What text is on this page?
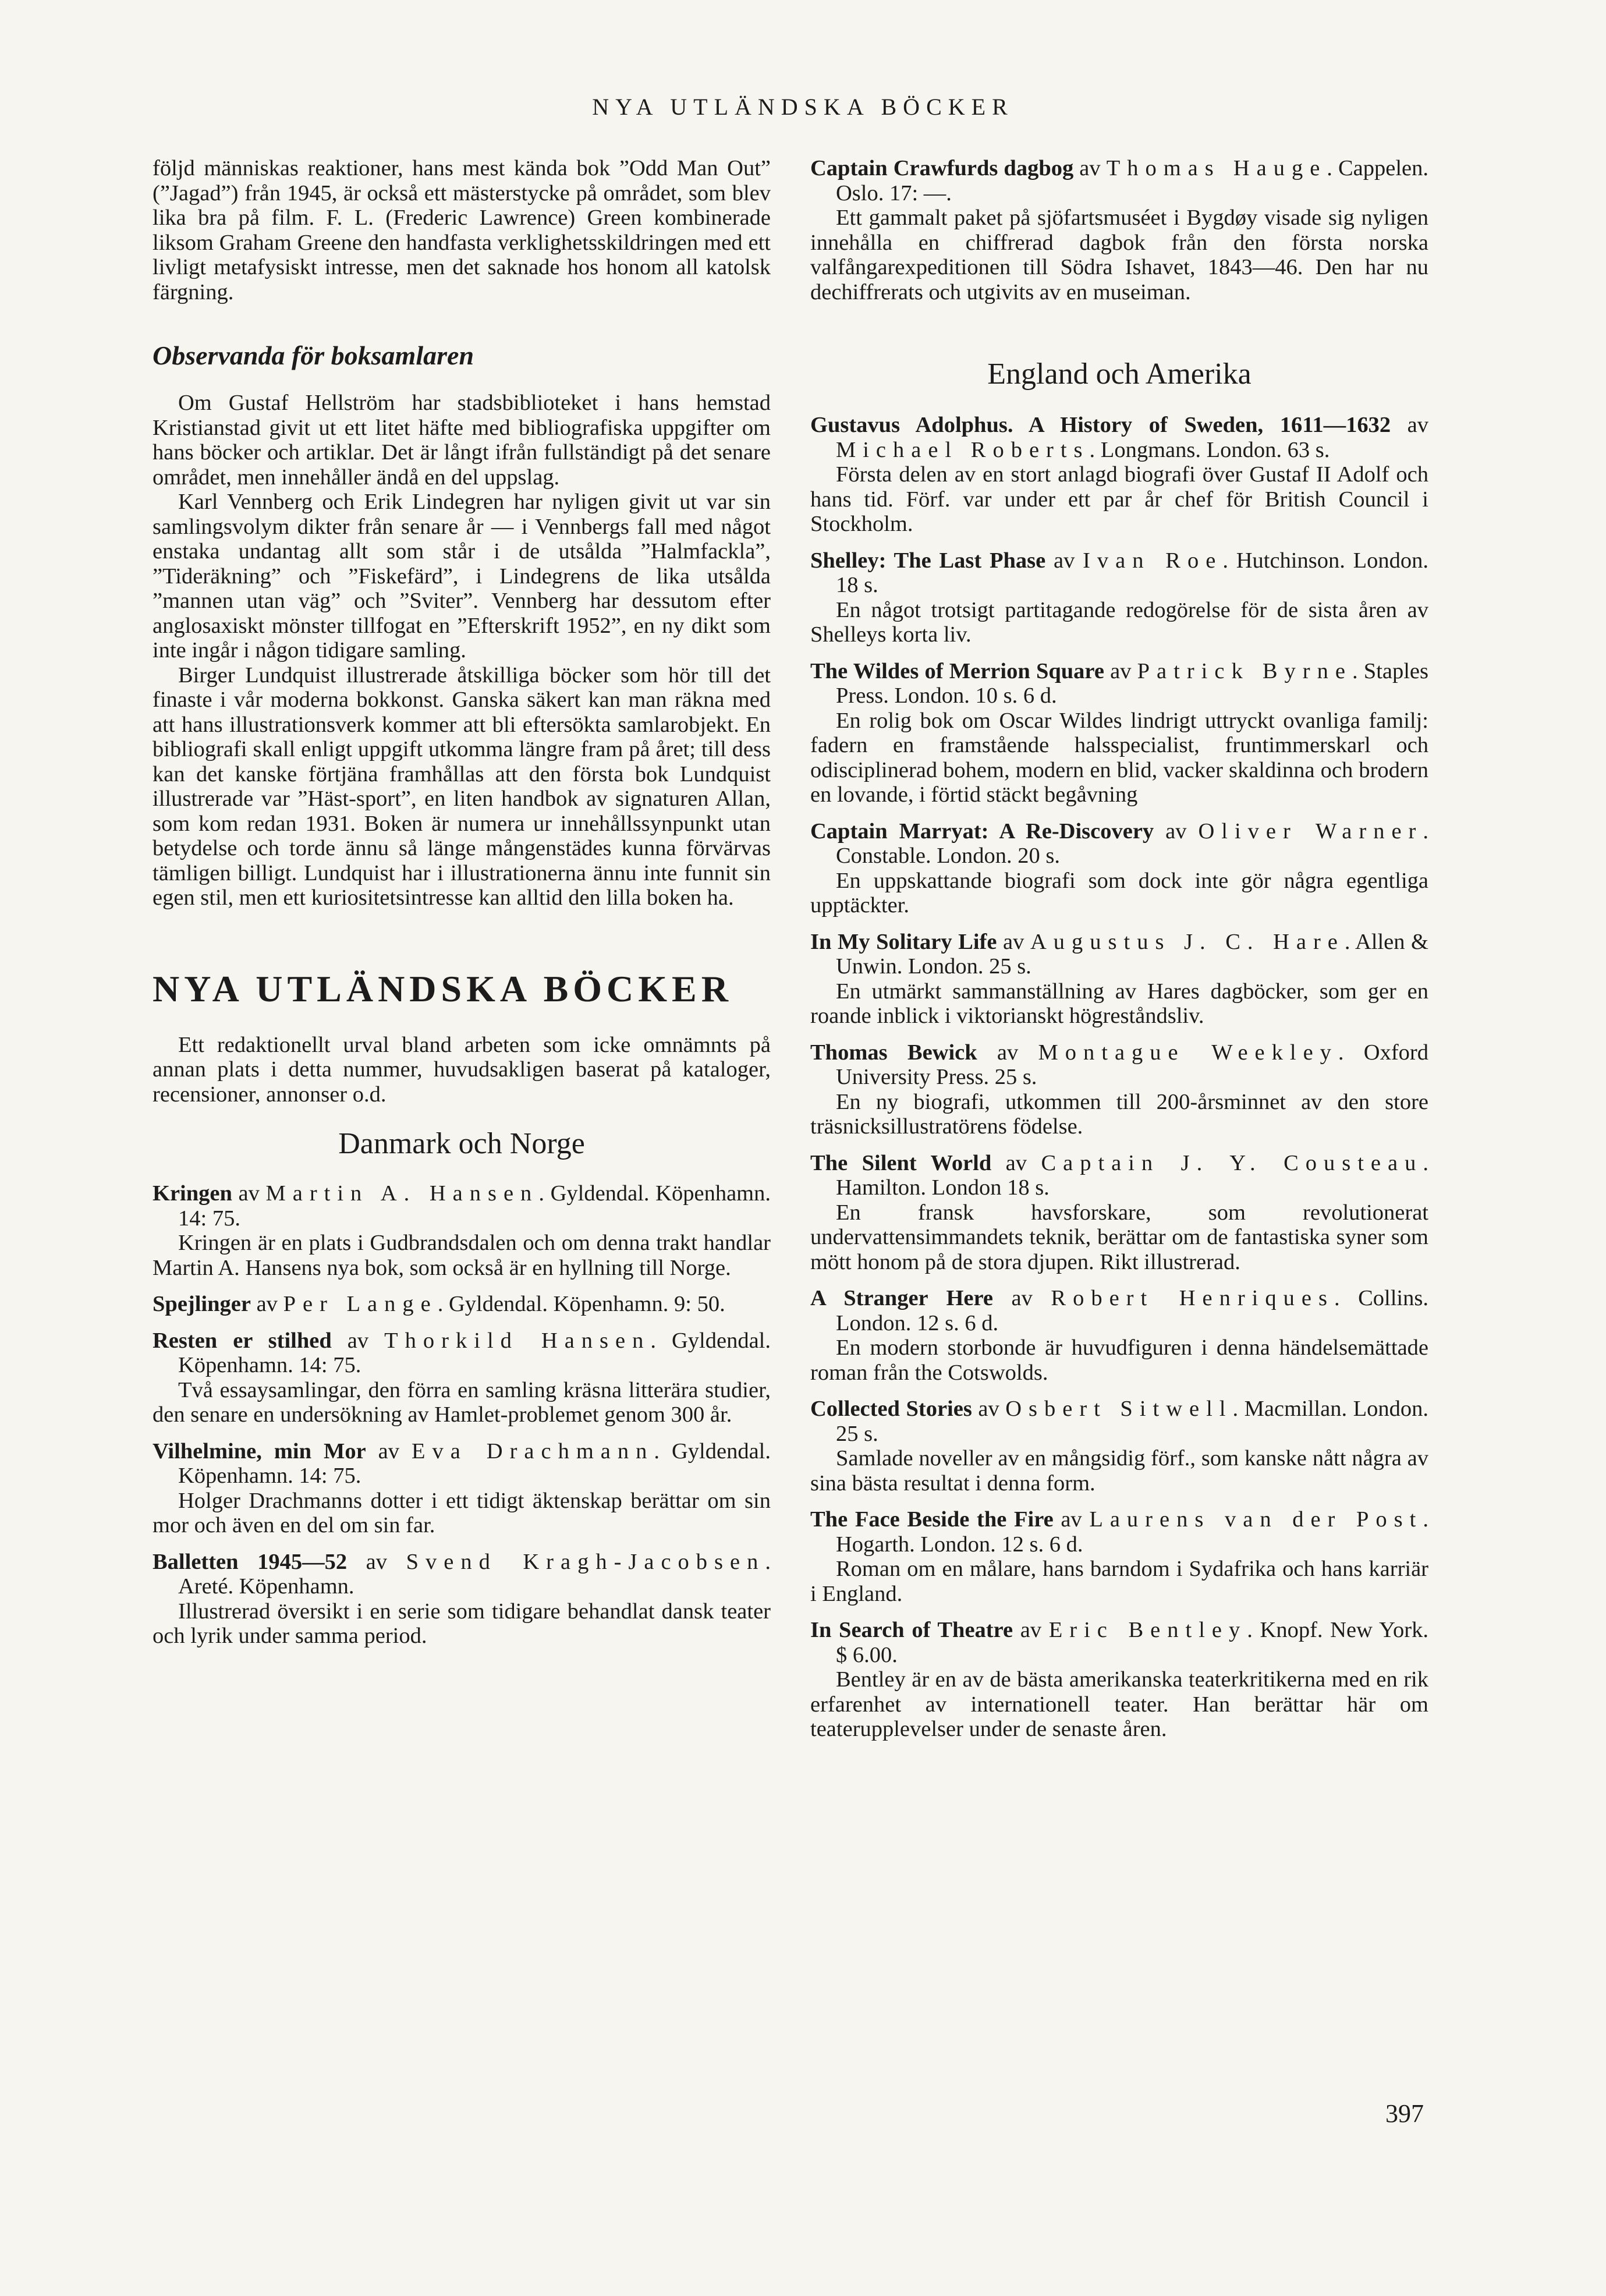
NYA UTLÄNDSKA BÖCKER

följd människas reaktioner, hans mest kända bok ”Odd Man Out” (”Jagad”) från 1945, är också ett mästerstycke på området, som blev lika bra på film. F. L. (Frederic Lawrence) Green kombinerade liksom Graham Greene den handfasta verklighetsskildringen med ett livligt metafysiskt intresse, men det saknade hos honom all katolsk färgning.

Observanda för boksamlaren

Om Gustaf Hellström har stadsbiblioteket i hans hemstad Kristianstad givit ut ett litet häfte med bibliografiska uppgifter om hans böcker och artiklar. Det är långt ifrån fullständigt på det senare området, men innehåller ändå en del uppslag.

Karl Vennberg och Erik Lindegren har nyligen givit ut var sin samlingsvolym dikter från senare år — i Vennbergs fall med något enstaka undantag allt som står i de utsålda ”Halmfackla”, ”Tideräkning” och ”Fiskefärd”, i Lindegrens de lika utsålda ”mannen utan väg” och ”Sviter”. Vennberg har dessutom efter anglosaxiskt mönster tillfogat en ”Efterskrift 1952”, en ny dikt som inte ingår i någon tidigare samling.

Birger Lundquist illustrerade åtskilliga böcker som hör till det finaste i vår moderna bokkonst. Ganska säkert kan man räkna med att hans illustrationsverk kommer att bli eftersökta samlarobjekt. En bibliografi skall enligt uppgift utkomma längre fram på året; till dess kan det kanske förtjäna framhållas att den första bok Lundquist illustrerade var ”Häst-sport”, en liten handbok av signaturen Allan, som kom redan 1931. Boken är numera ur innehållssynpunkt utan betydelse och torde ännu så länge mångenstädes kunna förvärvas tämligen billigt. Lundquist har i illustrationerna ännu inte funnit sin egen stil, men ett kuriositetsintresse kan alltid den lilla boken ha.

NYA UTLÄNDSKA BÖCKER

Ett redaktionellt urval bland arbeten som icke omnämnts på annan plats i detta nummer, huvudsakligen baserat på kataloger, recensioner, annonser o.d.

Danmark och Norge

Kringen av Martin A. Hansen. Gyldendal. Köpenhamn. 14: 75.

Kringen är en plats i Gudbrandsdalen och om denna trakt handlar Martin A. Hansens nya bok, som också är en hyllning till Norge.

Spejlinger av Per Lange. Gyldendal. Köpenhamn. 9: 50.

Resten er stilhed av Thorkild Hansen. Gyldendal. Köpenhamn. 14: 75.

Två essaysamlingar, den förra en samling kräsna litterära studier, den senare en undersökning av Hamlet-problemet genom 300 år.

Vilhelmine, min Mor av Eva Drachmann. Gyldendal. Köpenhamn. 14: 75.

Holger Drachmanns dotter i ett tidigt äktenskap berättar om sin mor och även en del om sin far.

Balletten 1945—52 av Svend Kragh-Jacobsen. Areté. Köpenhamn.

Illustrerad översikt i en serie som tidigare behandlat dansk teater och lyrik under samma period.

Captain Crawfurds dagbog av Thomas Hauge. Cappelen. Oslo. 17: —.

Ett gammalt paket på sjöfartsmuséet i Bygdøy visade sig nyligen innehålla en chiffrerad dagbok från den första norska valfångarexpeditionen till Södra Ishavet, 1843—46. Den har nu dechiffrerats och utgivits av en museiman.

England och Amerika

Gustavus Adolphus. A History of Sweden, 1611—1632 av Michael Roberts. Longmans. London. 63 s.

Första delen av en stort anlagd biografi över Gustaf II Adolf och hans tid. Förf. var under ett par år chef för British Council i Stockholm.

Shelley: The Last Phase av Ivan Roe. Hutchinson. London. 18 s.

En något trotsigt partitagande redogörelse för de sista åren av Shelleys korta liv.

The Wildes of Merrion Square av Patrick Byrne. Staples Press. London. 10 s. 6 d.

En rolig bok om Oscar Wildes lindrigt uttryckt ovanliga familj: fadern en framstående halsspecialist, fruntimmerskarl och odisciplinerad bohem, modern en blid, vacker skaldinna och brodern en lovande, i förtid stäckt begåvning

Captain Marryat: A Re-Discovery av Oliver Warner. Constable. London. 20 s.

En uppskattande biografi som dock inte gör några egentliga upptäckter.

In My Solitary Life av Augustus J. C. Hare. Allen & Unwin. London. 25 s.

En utmärkt sammanställning av Hares dagböcker, som ger en roande inblick i viktorianskt högreståndsliv.

Thomas Bewick av Montague Weekley. Oxford University Press. 25 s.

En ny biografi, utkommen till 200-årsminnet av den store träsnicksillustratörens födelse.

The Silent World av Captain J. Y. Cousteau. Hamilton. London 18 s.

En fransk havsforskare, som revolutionerat undervattensimmandets teknik, berättar om de fantastiska syner som mött honom på de stora djupen. Rikt illustrerad.

A Stranger Here av Robert Henriques. Collins. London. 12 s. 6 d.

En modern storbonde är huvudfiguren i denna händelsemättade roman från the Cotswolds.

Collected Stories av Osbert Sitwell. Macmillan. London. 25 s.

Samlade noveller av en mångsidig förf., som kanske nått några av sina bästa resultat i denna form.

The Face Beside the Fire av Laurens van der Post. Hogarth. London. 12 s. 6 d.

Roman om en målare, hans barndom i Sydafrika och hans karriär i England.

In Search of Theatre av Eric Bentley. Knopf. New York. $ 6.00.

Bentley är en av de bästa amerikanska teaterkritikerna med en rik erfarenhet av internationell teater. Han berättar här om teaterupplevelser under de senaste åren.

397
